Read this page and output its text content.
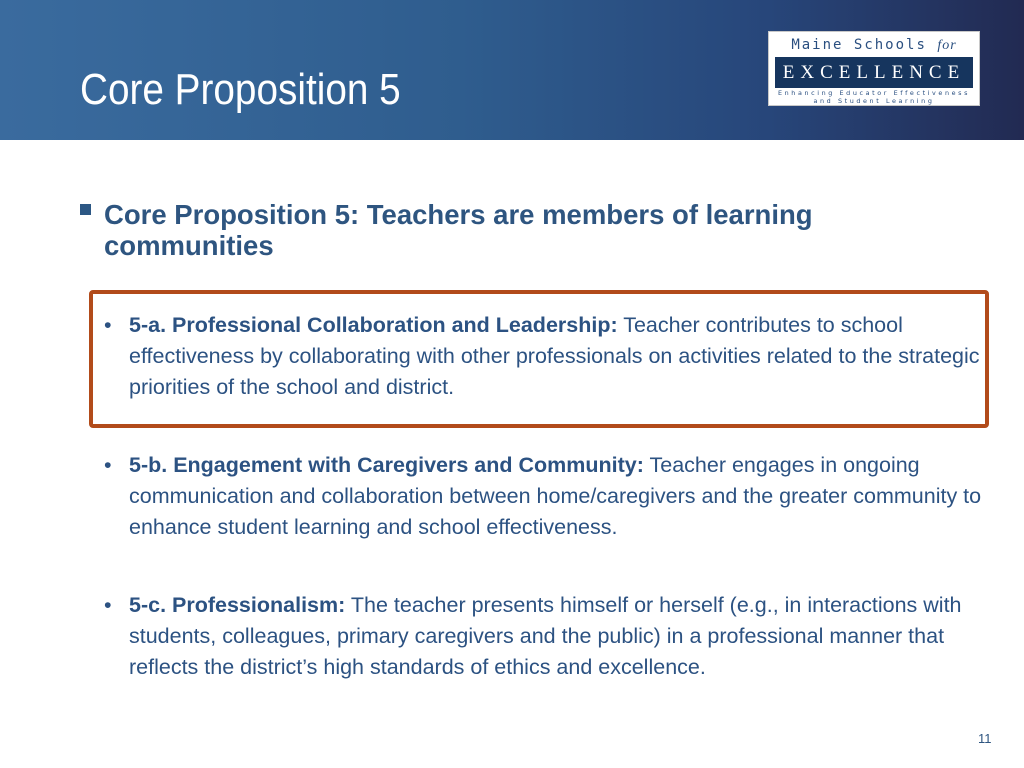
Core Proposition 5
Maine Schools for
EXCELLENCE
Enhancing Educator Effectiveness
and Student Learning
Core Proposition 5: Teachers are members of learning communities
• 5-a. Professional Collaboration and Leadership: Teacher contributes to school effectiveness by collaborating with other professionals on activities related to the strategic priorities of the school and district.
• 5-b. Engagement with Caregivers and Community: Teacher engages in ongoing communication and collaboration between home/caregivers and the greater community to enhance student learning and school effectiveness.
• 5-c. Professionalism: The teacher presents himself or herself (e.g., in interactions with students, colleagues, primary caregivers and the public) in a professional manner that reflects the district’s high standards of ethics and excellence.
11
